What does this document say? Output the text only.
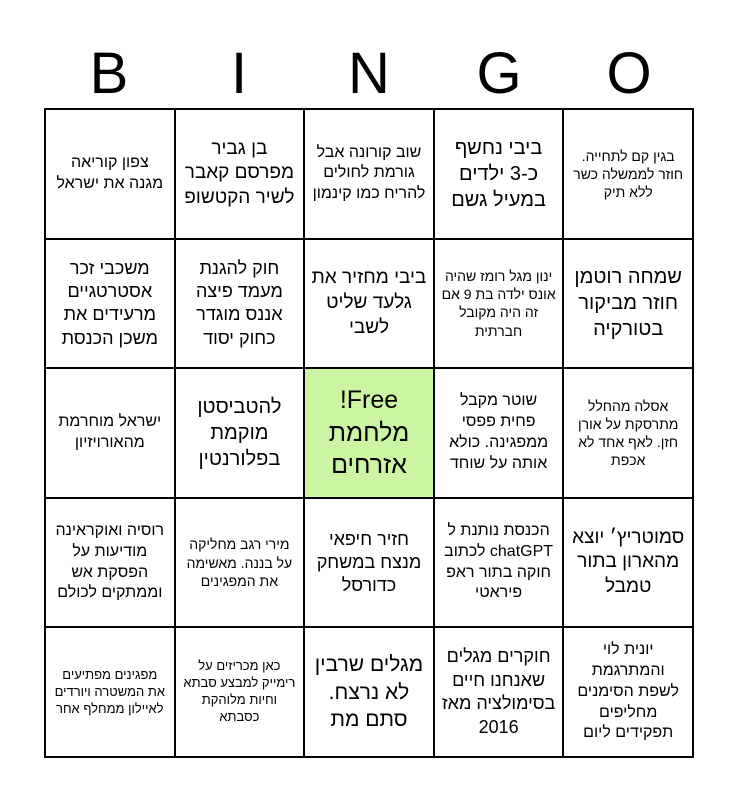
B	I	N	G	O
צפון קוריאה מגנה את ישראל
בן גביר מפרסם קאבר לשיר הקטשופ
שוב קורונה אבל גורמת לחולים להריח כמו קינמון
ביבי נחשף כ-3 ילדים במעיל גשם
בגין קם לתחייה. חוזר לממשלה כשר ללא תיק
משכבי זכר אסטרטגיים מרעידים את משכן הכנסת
חוק להגנת מעמד פיצה אננס מוגדר כחוק יסוד
ביבי מחזיר את גלעד שליט לשבי
ינון מגל רומז שהיה אונס ילדה בת 9 אם זה היה מקובל חברתית
שמחה רוטמן חוזר מביקור בטורקיה
ישראל מוחרמת מהאורויזיון
להטביסטן מוקמת בפלורנטין
Free! מלחמת אזרחים
שוטר מקבל פחית פפסי ממפגינה. כולא אותה על שוחד
אסלה מהחלל מתרסקת על אורן חזן. לאף אחד לא אכפת
רוסיה ואוקראינה מודיעות על הפסקת אש וממתקים לכולם
מירי רגב מחליקה על בננה. מאשימה את המפגינים
חזיר חיפאי מנצח במשחק כדורסל
הכנסת נותנת ל chatGPT לכתוב חוקה בתור ראפ פיראטי
סמוטריץ׳ יוצא מהארון בתור טמבל
מפגינים מפתיעים את המשטרה ויורדים לאיילון ממחלף אחר
כאן מכריזים על רימייק למבצע סבתא וחיות מלוהקת כסבתא
מגלים שרבין לא נרצח. סתם מת
חוקרים מגלים שאנחנו חיים בסימולציה מאז 2016
יונית לוי והמתרגמת לשפת הסימנים מחליפים תפקידים ליום
